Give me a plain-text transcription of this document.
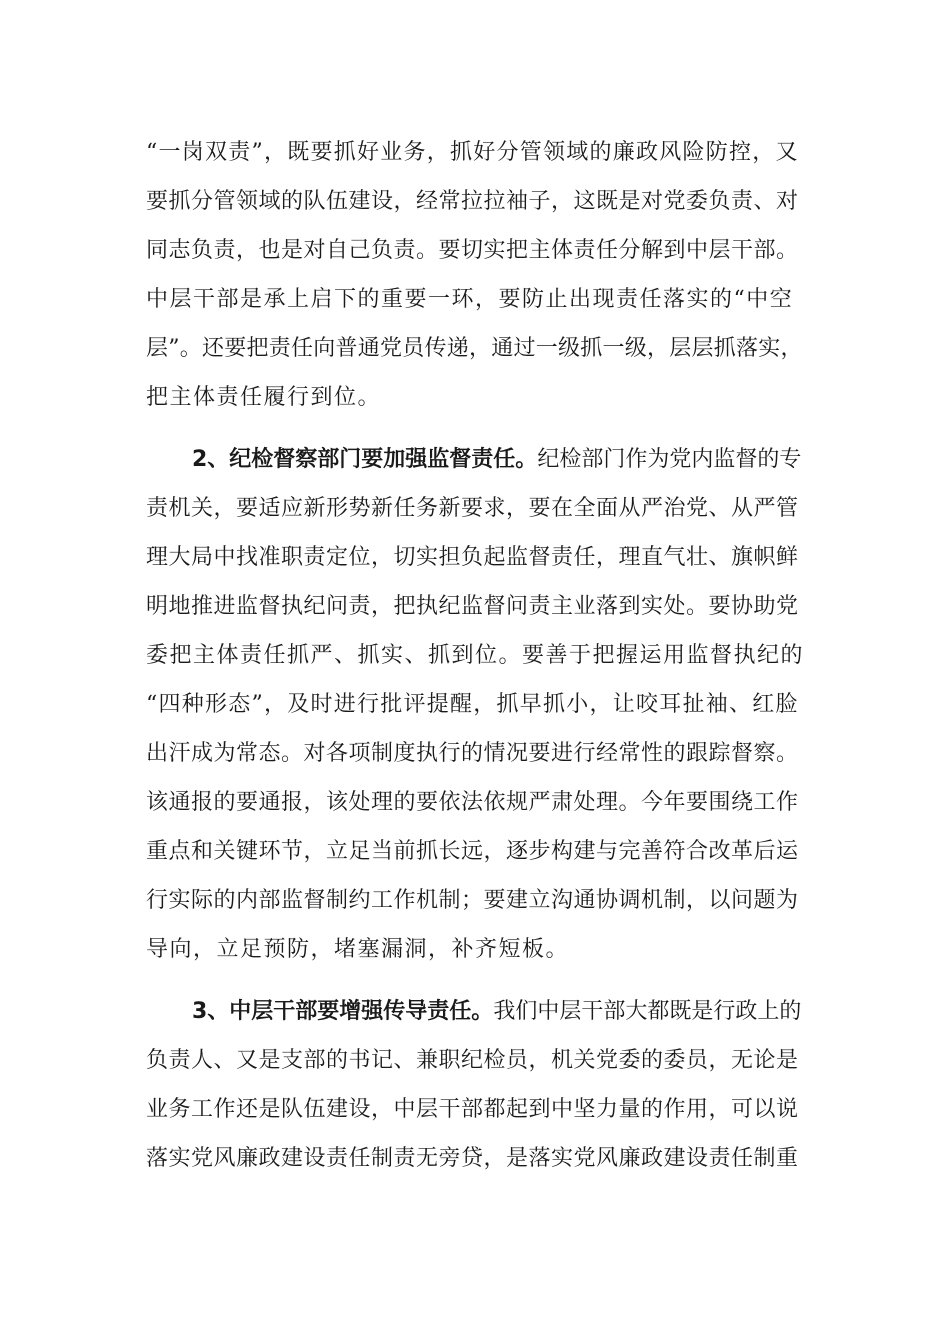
“一岗双责”，既要抓好业务，抓好分管领域的廉政风险防控，又
要抓分管领域的队伍建设，经常拉拉袖子，这既是对党委负责、对
同志负责，也是对自己负责。要切实把主体责任分解到中层干部。
中层干部是承上启下的重要一环，要防止出现责任落实的“中空
层”。还要把责任向普通党员传递，通过一级抓一级，层层抓落实，
把主体责任履行到位。
2、纪检督察部门要加强监督责任。纪检部门作为党内监督的专
责机关，要适应新形势新任务新要求，要在全面从严治党、从严管
理大局中找准职责定位，切实担负起监督责任，理直气壮、旗帜鲜
明地推进监督执纪问责，把执纪监督问责主业落到实处。要协助党
委把主体责任抓严、抓实、抓到位。要善于把握运用监督执纪的
“四种形态”，及时进行批评提醒，抓早抓小，让咬耳扯袖、红脸
出汗成为常态。对各项制度执行的情况要进行经常性的跟踪督察。
该通报的要通报，该处理的要依法依规严肃处理。今年要围绕工作
重点和关键环节，立足当前抓长远，逐步构建与完善符合改革后运
行实际的内部监督制约工作机制；要建立沟通协调机制，以问题为
导向，立足预防，堵塞漏洞，补齐短板。
3、中层干部要增强传导责任。我们中层干部大都既是行政上的
负责人、又是支部的书记、兼职纪检员，机关党委的委员，无论是
业务工作还是队伍建设，中层干部都起到中坚力量的作用，可以说
落实党风廉政建设责任制责无旁贷，是落实党风廉政建设责任制重
